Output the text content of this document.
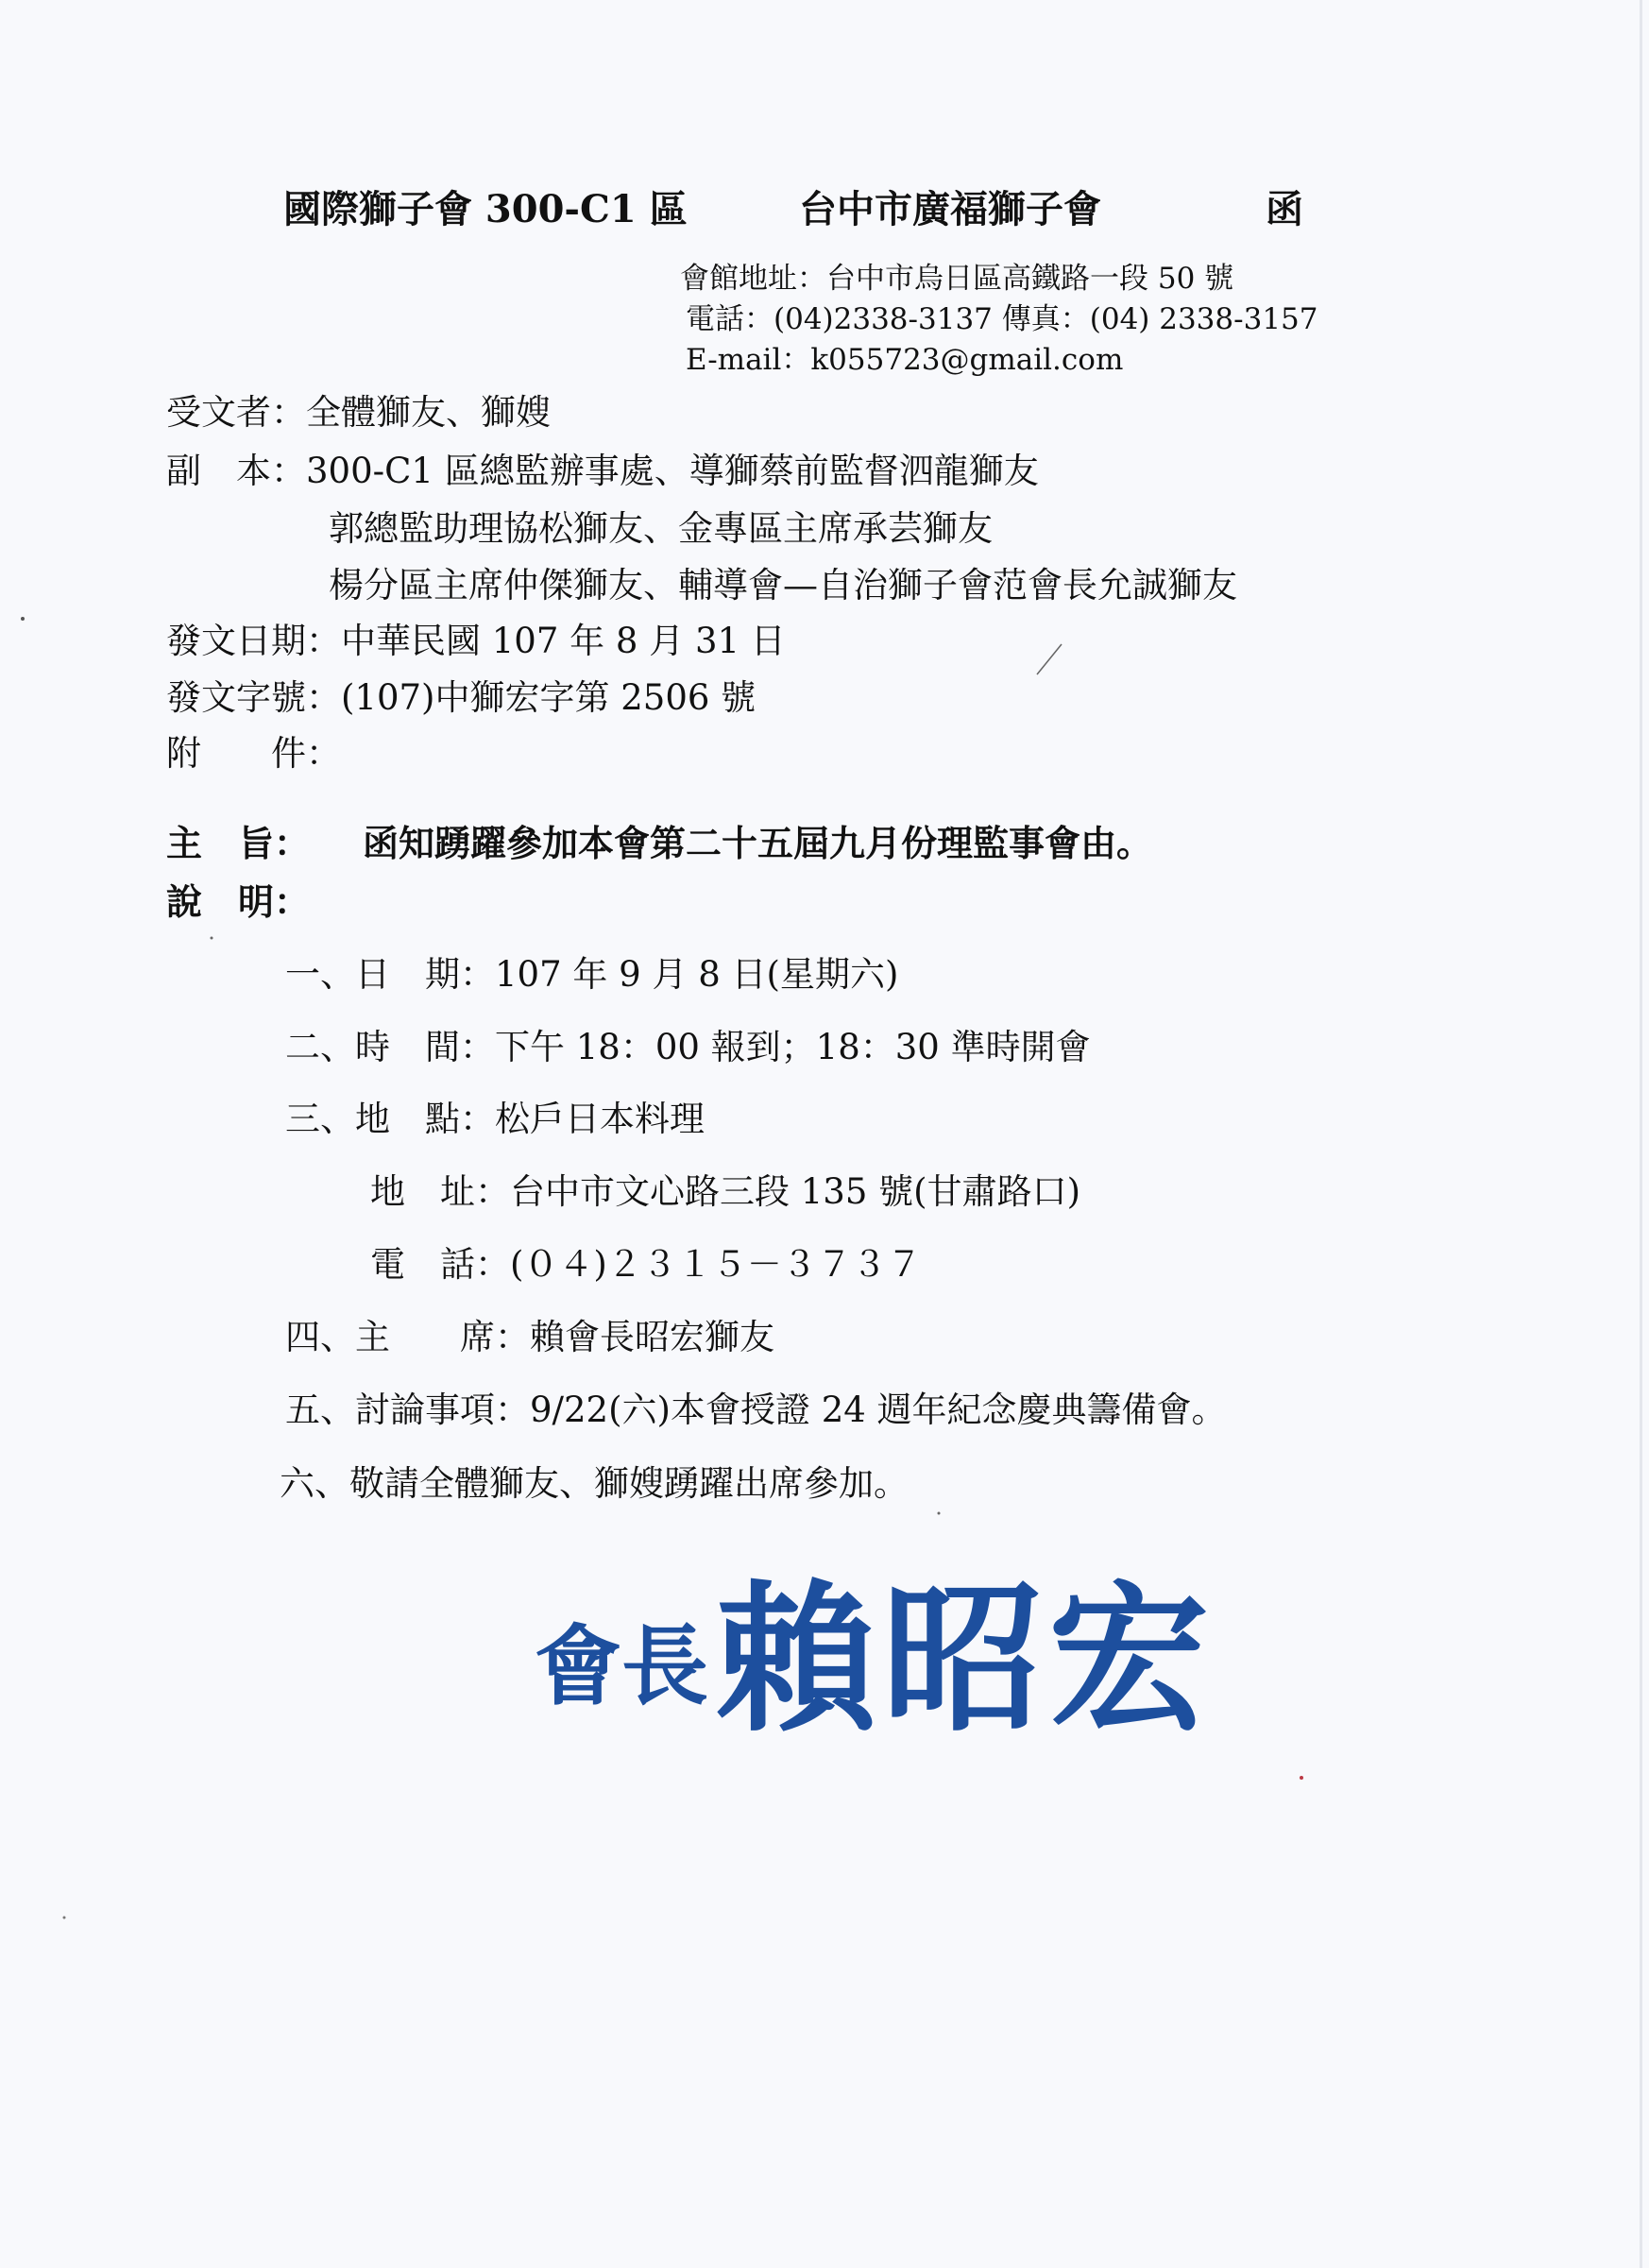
國際獅子會 300-C1 區	台中市廣福獅子會	函
會館地址：台中市烏日區高鐵路一段 50 號
電話：(04)2338-3137 傳真：(04) 2338-3157
E-mail：k055723@gmail.com
受文者：全體獅友、獅嫂
副　本：300-C1 區總監辦事處、導獅蔡前監督泗龍獅友
郭總監助理協松獅友、金專區主席承芸獅友
楊分區主席仲傑獅友、輔導會—自治獅子會范會長允誠獅友
發文日期：中華民國 107 年 8 月 31 日
發文字號：(107)中獅宏字第 2506 號
附　　件：
主　旨： 函知踴躍參加本會第二十五屆九月份理監事會由。
說　明：
一、日　期：107 年 9 月 8 日(星期六)
二、時　間：下午 18：00 報到；18：30 準時開會
三、地　點：松戶日本料理
地　址：台中市文心路三段 135 號(甘肅路口)
電　話：(０４)２３１５－３７３７
四、主　　席：賴會長昭宏獅友
五、討論事項：9/22(六)本會授證 24 週年紀念慶典籌備會。
六、敬請全體獅友、獅嫂踴躍出席參加。
會長 賴昭宏
